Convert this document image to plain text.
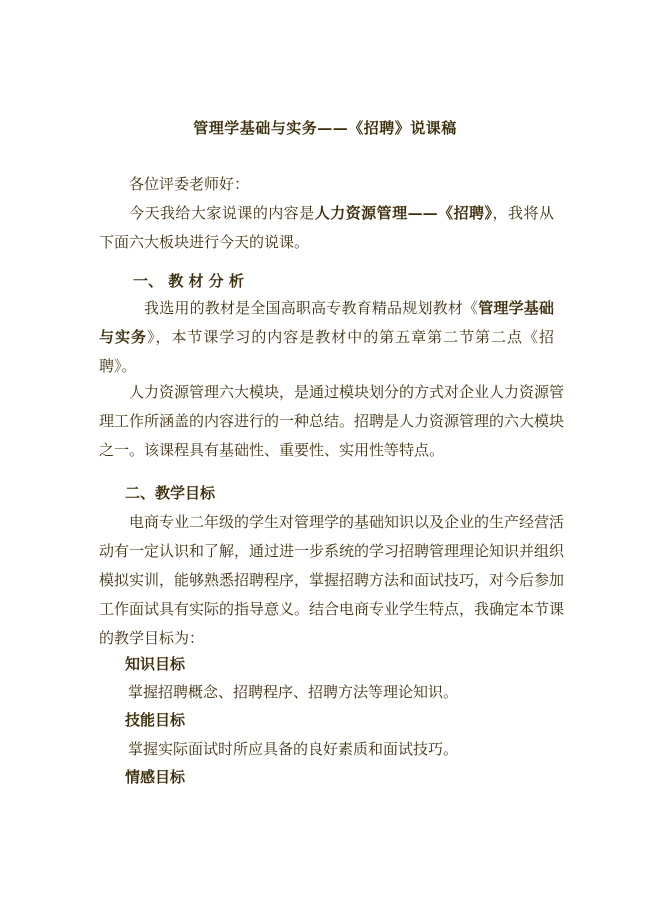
管理学基础与实务——《招聘》说课稿
各位评委老师好：
今天我给大家说课的内容是人力资源管理——《招聘》，我将从
下面六大板块进行今天的说课。
一、 教 材 分 析
我选用的教材是全国高职高专教育精品规划教材《管理学基础
与实务》，本节课学习的内容是教材中的第五章第二节第二点《招
聘》。
人力资源管理六大模块，是通过模块划分的方式对企业人力资源管
理工作所涵盖的内容进行的一种总结。招聘是人力资源管理的六大模块
之一。该课程具有基础性、重要性、实用性等特点。
二、教学目标
电商专业二年级的学生对管理学的基础知识以及企业的生产经营活
动有一定认识和了解，通过进一步系统的学习招聘管理理论知识并组织
模拟实训，能够熟悉招聘程序，掌握招聘方法和面试技巧，对今后参加
工作面试具有实际的指导意义。结合电商专业学生特点，我确定本节课
的教学目标为：
知识目标
掌握招聘概念、招聘程序、招聘方法等理论知识。
技能目标
掌握实际面试时所应具备的良好素质和面试技巧。
情感目标
